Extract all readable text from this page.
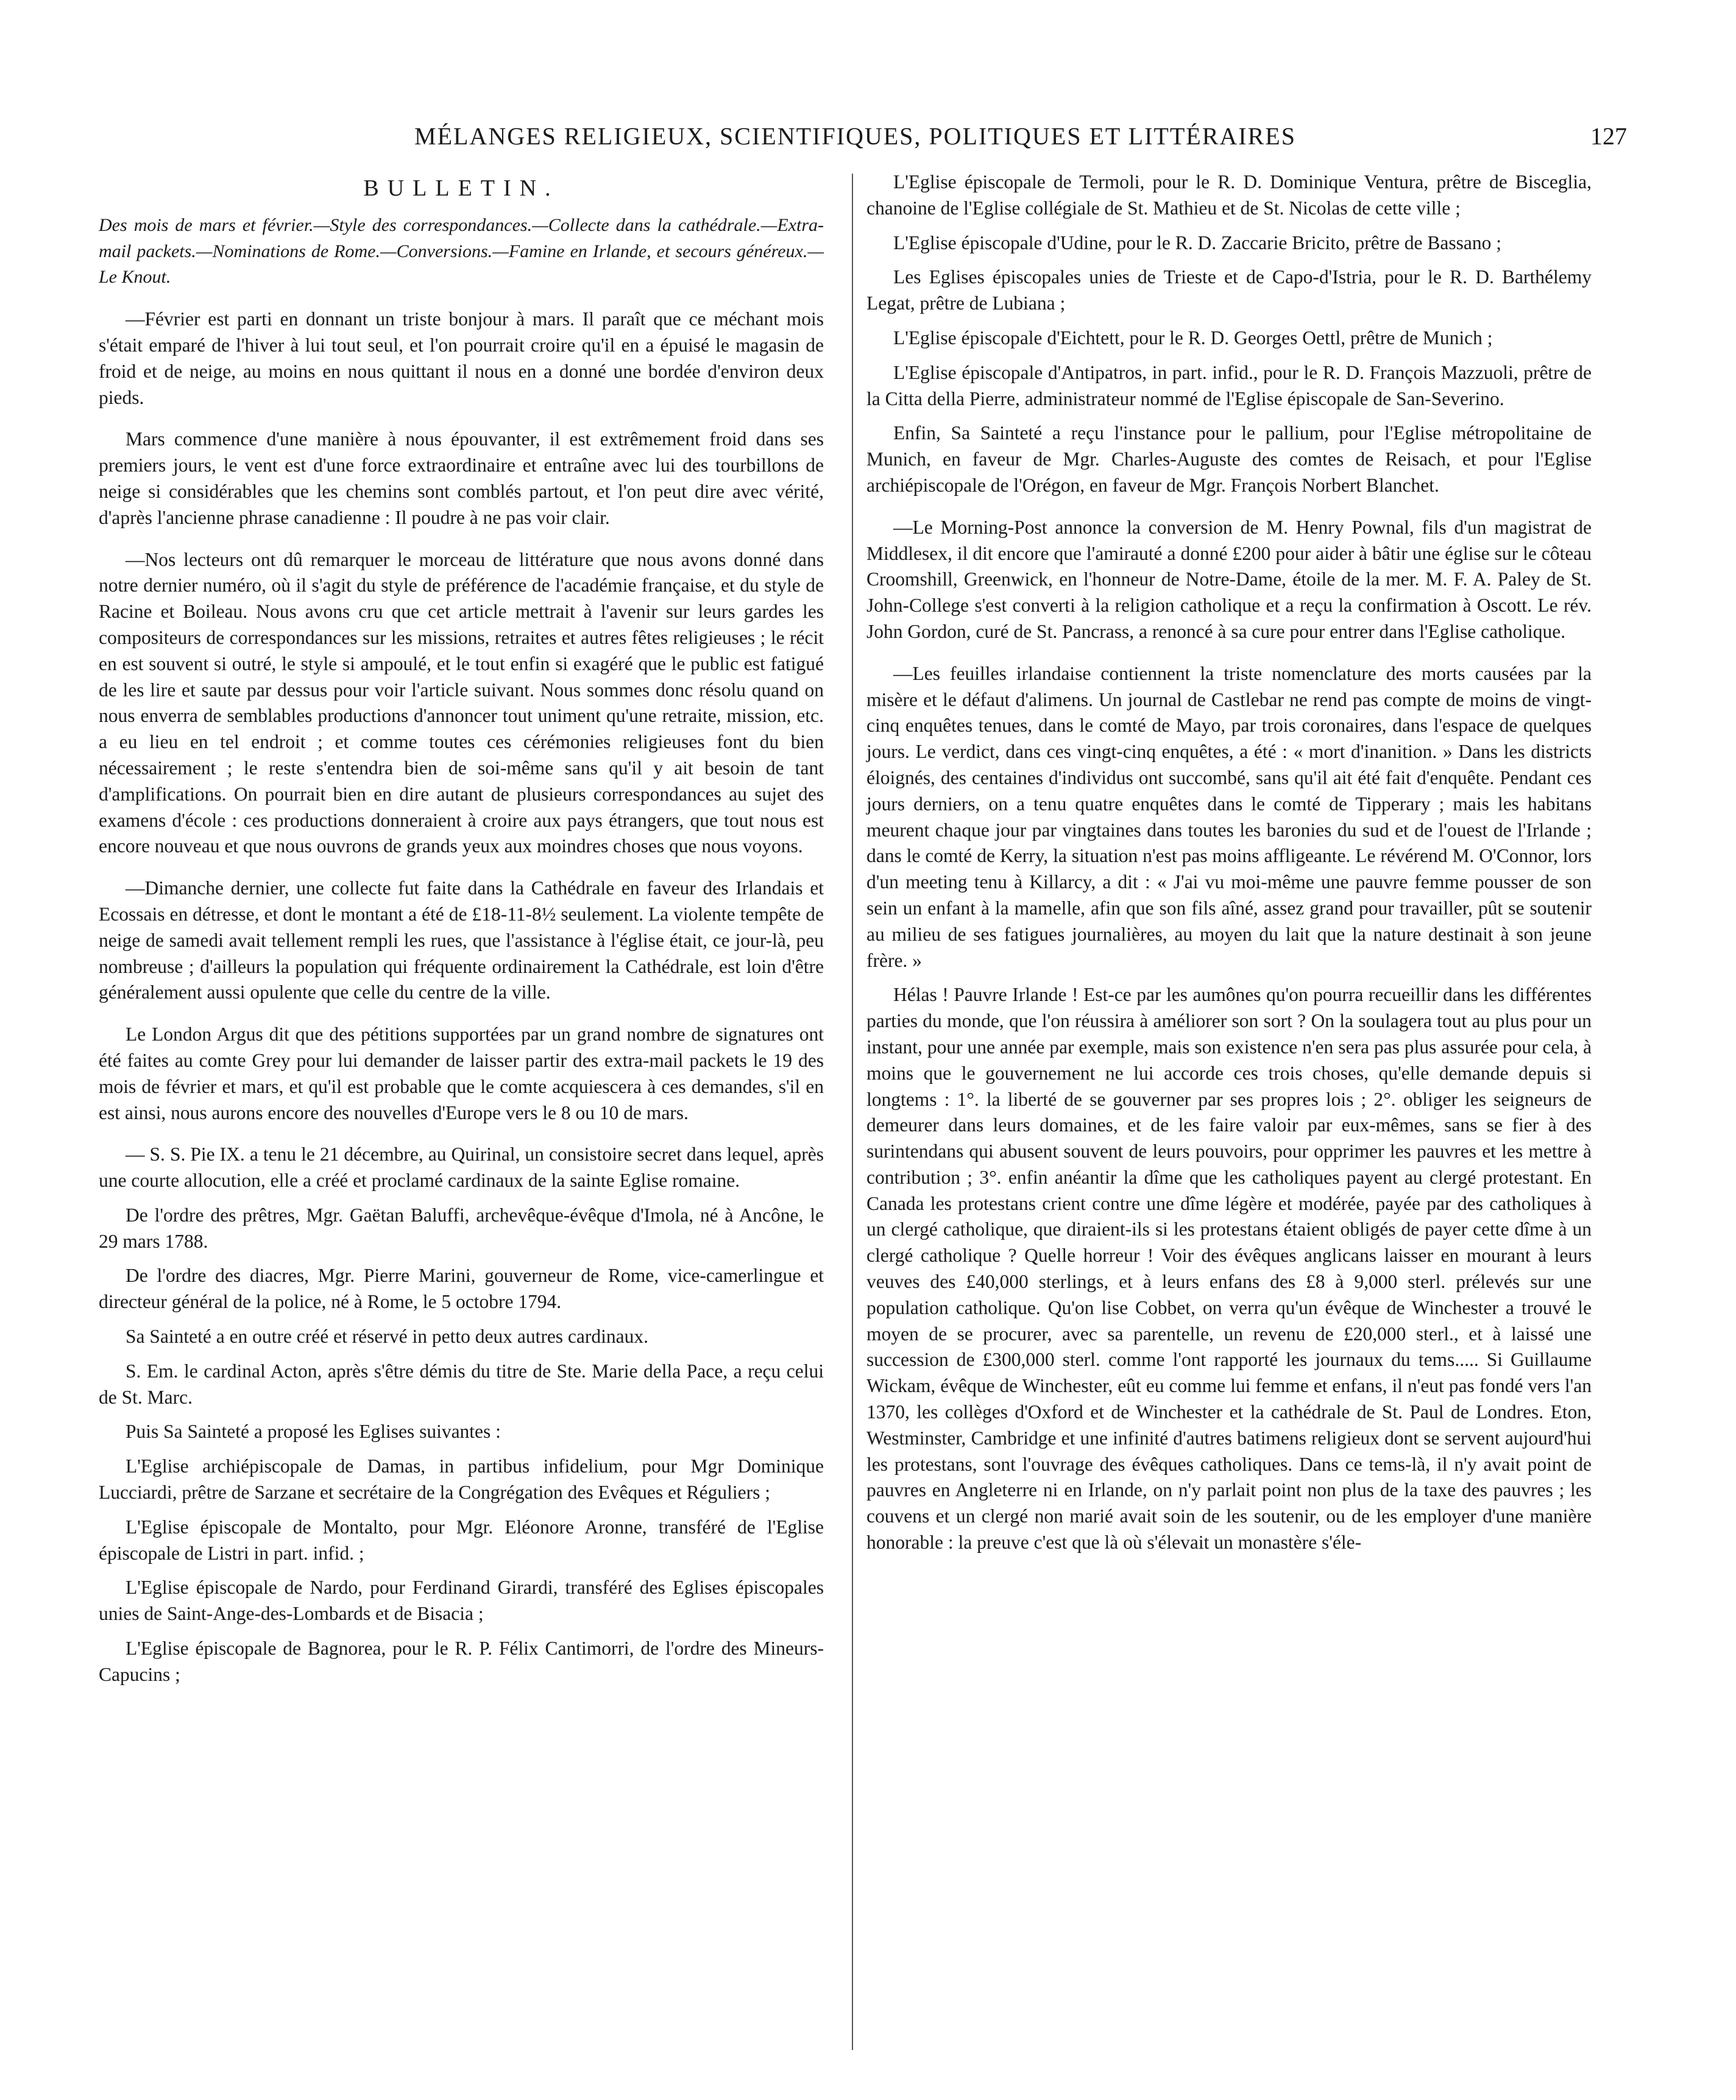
MÉLANGES RELIGIEUX, SCIENTIFIQUES, POLITIQUES ET LITTÉRAIRES	127
BULLETIN.

Des mois de mars et février.—Style des correspondances.—Collecte dans la cathédrale.—Extra-mail packets.—Nominations de Rome.—Conversions.—Famine en Irlande, et secours généreux.—Le Knout.

—Février est parti en donnant un triste bonjour à mars. Il paraît que ce méchant mois s'était emparé de l'hiver à lui tout seul, et l'on pourrait croire qu'il en a épuisé le magasin de froid et de neige, au moins en nous quittant il nous en a donné une bordée d'environ deux pieds.

Mars commence d'une manière à nous épouvanter, il est extrêmement froid dans ses premiers jours, le vent est d'une force extraordinaire et entraîne avec lui des tourbillons de neige si considérables que les chemins sont comblés partout, et l'on peut dire avec vérité, d'après l'ancienne phrase canadienne : Il poudre à ne pas voir clair.

—Nos lecteurs ont dû remarquer le morceau de littérature que nous avons donné dans notre dernier numéro, où il s'agit du style de préférence de l'académie française, et du style de Racine et Boileau. Nous avons cru que cet article mettrait à l'avenir sur leurs gardes les compositeurs de correspondances sur les missions, retraites et autres fêtes religieuses ; le récit en est souvent si outré, le style si ampoulé, et le tout enfin si exagéré que le public est fatigué de les lire et saute par dessus pour voir l'article suivant. Nous sommes donc résolu quand on nous enverra de semblables productions d'annoncer tout uniment qu'une retraite, mission, etc. a eu lieu en tel endroit ; et comme toutes ces cérémonies religieuses font du bien nécessairement ; le reste s'entendra bien de soi-même sans qu'il y ait besoin de tant d'amplifications. On pourrait bien en dire autant de plusieurs correspondances au sujet des examens d'école : ces productions donneraient à croire aux pays étrangers, que tout nous est encore nouveau et que nous ouvrons de grands yeux aux moindres choses que nous voyons.

—Dimanche dernier, une collecte fut faite dans la Cathédrale en faveur des Irlandais et Ecossais en détresse, et dont le montant a été de £18-11-8½ seulement. La violente tempête de neige de samedi avait tellement rempli les rues, que l'assistance à l'église était, ce jour-là, peu nombreuse ; d'ailleurs la population qui fréquente ordinairement la Cathédrale, est loin d'être généralement aussi opulente que celle du centre de la ville.

Le London Argus dit que des pétitions supportées par un grand nombre de signatures ont été faites au comte Grey pour lui demander de laisser partir des extra-mail packets le 19 des mois de février et mars, et qu'il est probable que le comte acquiescera à ces demandes, s'il en est ainsi, nous aurons encore des nouvelles d'Europe vers le 8 ou 10 de mars.

— S. S. Pie IX. a tenu le 21 décembre, au Quirinal, un consistoire secret dans lequel, après une courte allocution, elle a créé et proclamé cardinaux de la sainte Eglise romaine.

De l'ordre des prêtres, Mgr. Gaëtan Baluffi, archevêque-évêque d'Imola, né à Ancône, le 29 mars 1788.

De l'ordre des diacres, Mgr. Pierre Marini, gouverneur de Rome, vice-camerlingue et directeur général de la police, né à Rome, le 5 octobre 1794.

Sa Sainteté a en outre créé et réservé in petto deux autres cardinaux.

S. Em. le cardinal Acton, après s'être démis du titre de Ste. Marie della Pace, a reçu celui de St. Marc.

Puis Sa Sainteté a proposé les Eglises suivantes :

L'Eglise archiépiscopale de Damas, in partibus infidelium, pour Mgr Dominique Lucciardi, prêtre de Sarzane et secrétaire de la Congrégation des Evêques et Réguliers ;

L'Eglise épiscopale de Montalto, pour Mgr. Eléonore Aronne, transféré de l'Eglise épiscopale de Listri in part. infid. ;

L'Eglise épiscopale de Nardo, pour Ferdinand Girardi, transféré des Eglises épiscopales unies de Saint-Ange-des-Lombards et de Bisacia ;

L'Eglise épiscopale de Bagnorea, pour le R. P. Félix Cantimorri, de l'ordre des Mineurs-Capucins ;

L'Eglise épiscopale de Termoli, pour le R. D. Dominique Ventura, prêtre de Bisceglia, chanoine de l'Eglise collégiale de St. Mathieu et de St. Nicolas de cette ville ;

L'Eglise épiscopale d'Udine, pour le R. D. Zaccarie Bricito, prêtre de Bassano ;

Les Eglises épiscopales unies de Trieste et de Capo-d'Istria, pour le R. D. Barthélemy Legat, prêtre de Lubiana ;

L'Eglise épiscopale d'Eichtett, pour le R. D. Georges Oettl, prêtre de Munich ;

L'Eglise épiscopale d'Antipatros, in part. infid., pour le R. D. François Mazzuoli, prêtre de la Citta della Pierre, administrateur nommé de l'Eglise épiscopale de San-Severino.

Enfin, Sa Sainteté a reçu l'instance pour le pallium, pour l'Eglise métropolitaine de Munich, en faveur de Mgr. Charles-Auguste des comtes de Reisach, et pour l'Eglise archiépiscopale de l'Orégon, en faveur de Mgr. François Norbert Blanchet.

—Le Morning-Post annonce la conversion de M. Henry Pownal, fils d'un magistrat de Middlesex, il dit encore que l'amirauté a donné £200 pour aider à bâtir une église sur le côteau Croomshill, Greenwick, en l'honneur de Notre-Dame, étoile de la mer. M. F. A. Paley de St. John-College s'est converti à la religion catholique et a reçu la confirmation à Oscott. Le rév. John Gordon, curé de St. Pancrass, a renoncé à sa cure pour entrer dans l'Eglise catholique.

—Les feuilles irlandaise contiennent la triste nomenclature des morts causées par la misère et le défaut d'alimens. Un journal de Castlebar ne rend pas compte de moins de vingt-cinq enquêtes tenues, dans le comté de Mayo, par trois coronaires, dans l'espace de quelques jours. Le verdict, dans ces vingt-cinq enquêtes, a été : « mort d'inanition. » Dans les districts éloignés, des centaines d'individus ont succombé, sans qu'il ait été fait d'enquête. Pendant ces jours derniers, on a tenu quatre enquêtes dans le comté de Tipperary ; mais les habitans meurent chaque jour par vingtaines dans toutes les baronies du sud et de l'ouest de l'Irlande ; dans le comté de Kerry, la situation n'est pas moins affligeante. Le révérend M. O'Connor, lors d'un meeting tenu à Killarcy, a dit : « J'ai vu moi-même une pauvre femme pousser de son sein un enfant à la mamelle, afin que son fils aîné, assez grand pour travailler, pût se soutenir au milieu de ses fatigues journalières, au moyen du lait que la nature destinait à son jeune frère. »

Hélas ! Pauvre Irlande ! Est-ce par les aumônes qu'on pourra recueillir dans les différentes parties du monde, que l'on réussira à améliorer son sort ? On la soulagera tout au plus pour un instant, pour une année par exemple, mais son existence n'en sera pas plus assurée pour cela, à moins que le gouvernement ne lui accorde ces trois choses, qu'elle demande depuis si longtems : 1°. la liberté de se gouverner par ses propres lois ; 2°. obliger les seigneurs de demeurer dans leurs domaines, et de les faire valoir par eux-mêmes, sans se fier à des surintendans qui abusent souvent de leurs pouvoirs, pour opprimer les pauvres et les mettre à contribution ; 3°. enfin anéantir la dîme que les catholiques payent au clergé protestant. En Canada les protestans crient contre une dîme légère et modérée, payée par des catholiques à un clergé catholique, que diraient-ils si les protestans étaient obligés de payer cette dîme à un clergé catholique ? Quelle horreur ! Voir des évêques anglicans laisser en mourant à leurs veuves des £40,000 sterlings, et à leurs enfans des £8 à 9,000 sterl. prélevés sur une population catholique. Qu'on lise Cobbet, on verra qu'un évêque de Winchester a trouvé le moyen de se procurer, avec sa parentelle, un revenu de £20,000 sterl., et à laissé une succession de £300,000 sterl. comme l'ont rapporté les journaux du tems..... Si Guillaume Wickam, évêque de Winchester, eût eu comme lui femme et enfans, il n'eut pas fondé vers l'an 1370, les collèges d'Oxford et de Winchester et la cathédrale de St. Paul de Londres. Eton, Westminster, Cambridge et une infinité d'autres batimens religieux dont se servent aujourd'hui les protestans, sont l'ouvrage des évêques catholiques. Dans ce tems-là, il n'y avait point de pauvres en Angleterre ni en Irlande, on n'y parlait point non plus de la taxe des pauvres ; les couvens et un clergé non marié avait soin de les soutenir, ou de les employer d'une manière honorable : la preuve c'est que là où s'élevait un monastère s'éle-
